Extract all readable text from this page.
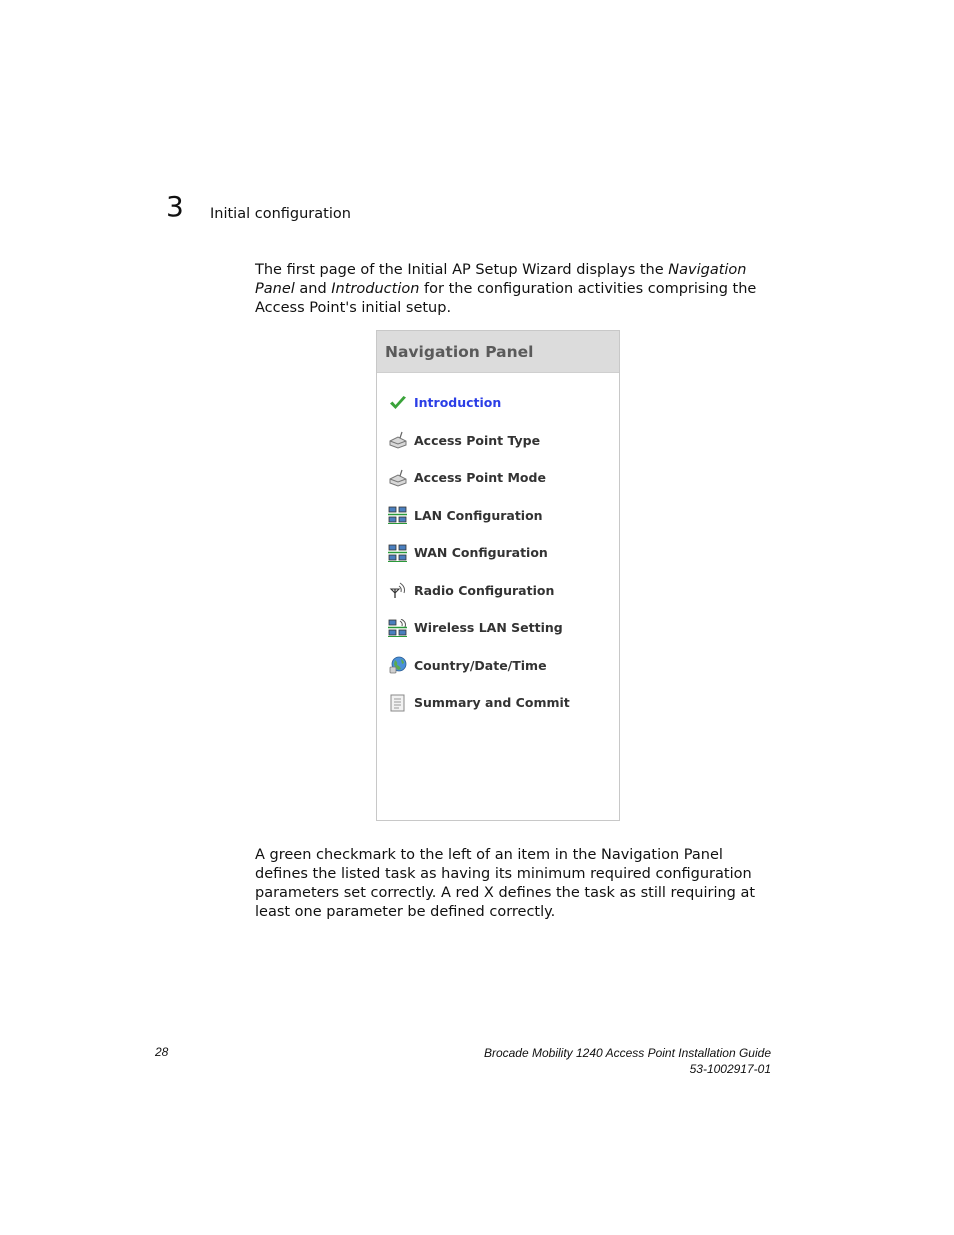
3 Initial configuration

The first page of the Initial AP Setup Wizard displays the Navigation Panel and Introduction for the configuration activities comprising the Access Point's initial setup.

Navigation Panel
Introduction
Access Point Type
Access Point Mode
LAN Configuration
WAN Configuration
Radio Configuration
Wireless LAN Setting
Country/Date/Time
Summary and Commit

A green checkmark to the left of an item in the Navigation Panel defines the listed task as having its minimum required configuration parameters set correctly. A red X defines the task as still requiring at least one parameter be defined correctly.

28	Brocade Mobility 1240 Access Point Installation Guide
53-1002917-01
